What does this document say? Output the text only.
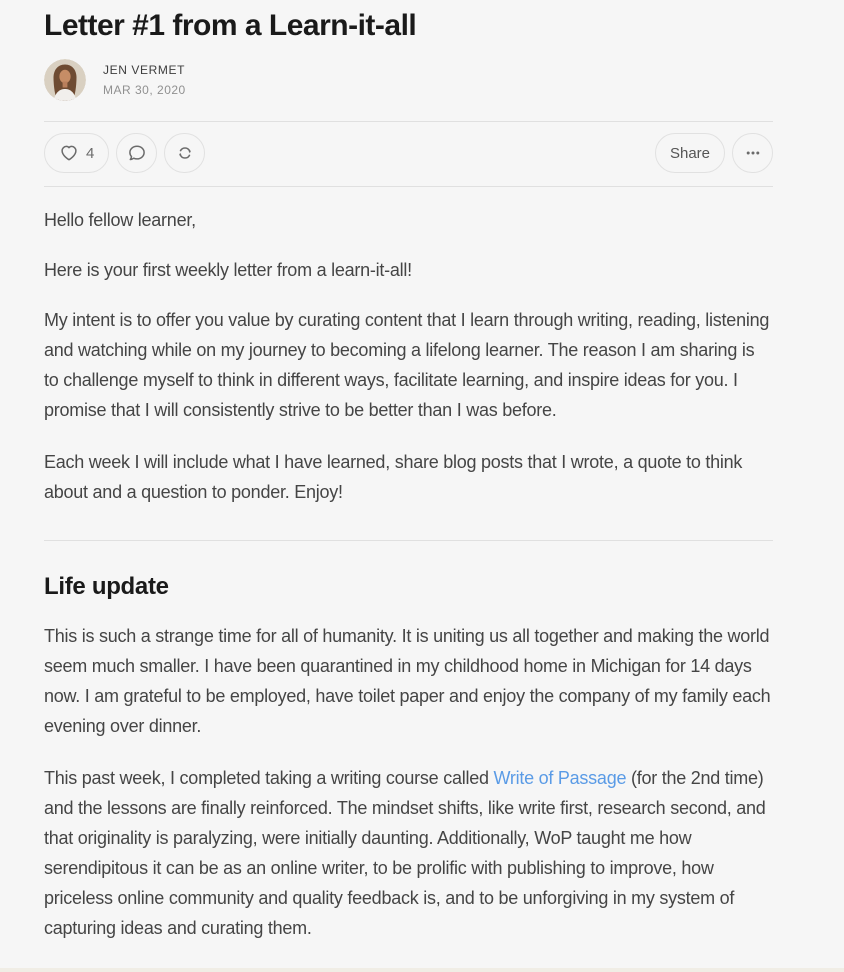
Letter #1 from a Learn-it-all
JEN VERMET
MAR 30, 2020
4	Share

Hello fellow learner,

Here is your first weekly letter from a learn-it-all!

My intent is to offer you value by curating content that I learn through writing, reading, listening and watching while on my journey to becoming a lifelong learner. The reason I am sharing is to challenge myself to think in different ways, facilitate learning, and inspire ideas for you. I promise that I will consistently strive to be better than I was before.

Each week I will include what I have learned, share blog posts that I wrote, a quote to think about and a question to ponder. Enjoy!

Life update

This is such a strange time for all of humanity. It is uniting us all together and making the world seem much smaller. I have been quarantined in my childhood home in Michigan for 14 days now. I am grateful to be employed, have toilet paper and enjoy the company of my family each evening over dinner.

This past week, I completed taking a writing course called Write of Passage (for the 2nd time) and the lessons are finally reinforced. The mindset shifts, like write first, research second, and that originality is paralyzing, were initially daunting. Additionally, WoP taught me how serendipitous it can be as an online writer, to be prolific with publishing to improve, how priceless online community and quality feedback is, and to be unforgiving in my system of capturing ideas and curating them.
